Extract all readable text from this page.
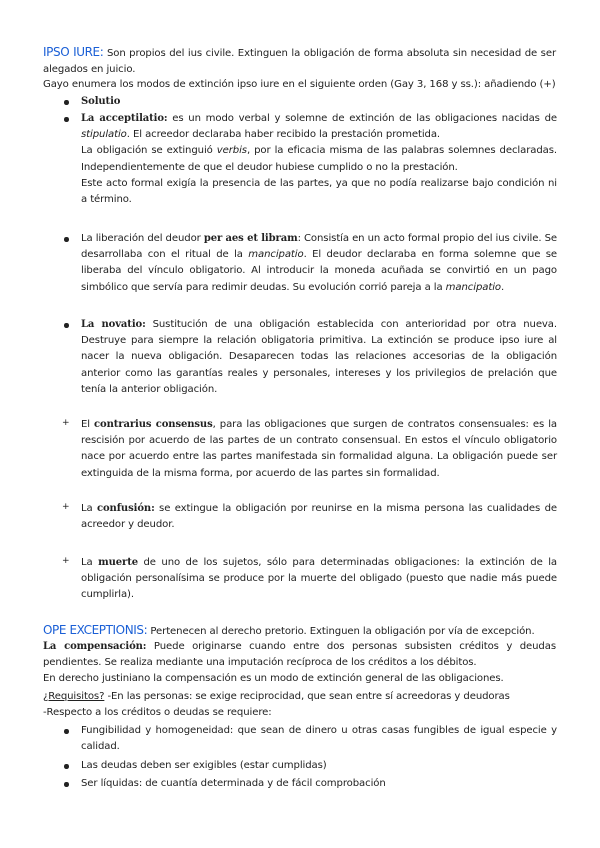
IPSO IURE: Son propios del ius civile. Extinguen la obligación de forma absoluta sin necesidad de ser alegados en juicio.
Gayo enumera los modos de extinción ipso iure en el siguiente orden (Gay 3, 168 y ss.): añadiendo (+)
Solutio
La acceptilatio: es un modo verbal y solemne de extinción de las obligaciones nacidas de stipulatio. El acreedor declaraba haber recibido la prestación prometida.
La obligación se extinguió verbis, por la eficacia misma de las palabras solemnes declaradas. Independientemente de que el deudor hubiese cumplido o no la prestación.
Este acto formal exigía la presencia de las partes, ya que no podía realizarse bajo condición ni a término.
La liberación del deudor per aes et libram: Consistía en un acto formal propio del ius civile. Se desarrollaba con el ritual de la mancipatio. El deudor declaraba en forma solemne que se liberaba del vínculo obligatorio. Al introducir la moneda acuñada se convirtió en un pago simbólico que servía para redimir deudas. Su evolución corrió pareja a la mancipatio.
La novatio: Sustitución de una obligación establecida con anterioridad por otra nueva. Destruye para siempre la relación obligatoria primitiva. La extinción se produce ipso iure al nacer la nueva obligación. Desaparecen todas las relaciones accesorias de la obligación anterior como las garantías reales y personales, intereses y los privilegios de prelación que tenía la anterior obligación.
+ El contrarius consensus, para las obligaciones que surgen de contratos consensuales: es la rescisión por acuerdo de las partes de un contrato consensual. En estos el vínculo obligatorio nace por acuerdo entre las partes manifestada sin formalidad alguna. La obligación puede ser extinguida de la misma forma, por acuerdo de las partes sin formalidad.
+ La confusión: se extingue la obligación por reunirse en la misma persona las cualidades de acreedor y deudor.
+ La muerte de uno de los sujetos, sólo para determinadas obligaciones: la extinción de la obligación personalísima se produce por la muerte del obligado (puesto que nadie más puede cumplirla).
OPE EXCEPTIONIS: Pertenecen al derecho pretorio. Extinguen la obligación por vía de excepción.
La compensación: Puede originarse cuando entre dos personas subsisten créditos y deudas pendientes. Se realiza mediante una imputación recíproca de los créditos a los débitos.
En derecho justiniano la compensación es un modo de extinción general de las obligaciones.
¿Requisitos? -En las personas: se exige reciprocidad, que sean entre sí acreedoras y deudoras
-Respecto a los créditos o deudas se requiere:
Fungibilidad y homogeneidad: que sean de dinero u otras casas fungibles de igual especie y calidad.
Las deudas deben ser exigibles (estar cumplidas)
Ser líquidas: de cuantía determinada y de fácil comprobación
